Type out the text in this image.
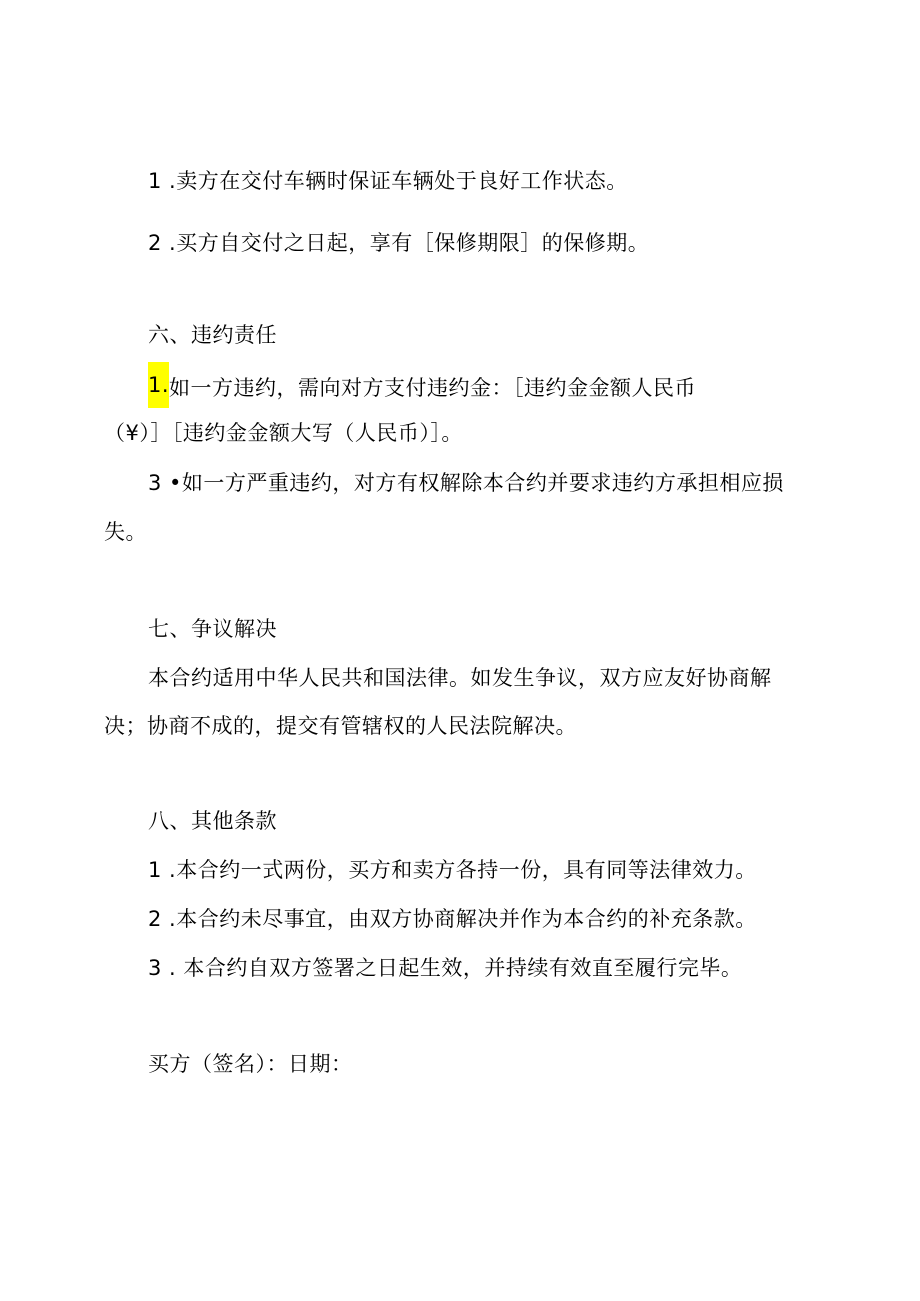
1 .卖方在交付车辆时保证车辆处于良好工作状态。
2 .买方自交付之日起，享有［保修期限］的保修期。
六、违约责任
1.如一方违约，需向对方支付违约金：［违约金金额人民币
（¥）］［违约金金额大写（人民币）］。
3 •如一方严重违约，对方有权解除本合约并要求违约方承担相应损
失。
七、争议解决
本合约适用中华人民共和国法律。如发生争议，双方应友好协商解
决；协商不成的，提交有管辖权的人民法院解决。
八、其他条款
1 .本合约一式两份，买方和卖方各持一份，具有同等法律效力。
2 .本合约未尽事宜，由双方协商解决并作为本合约的补充条款。
3 . 本合约自双方签署之日起生效，并持续有效直至履行完毕。
买方（签名）：日期：
